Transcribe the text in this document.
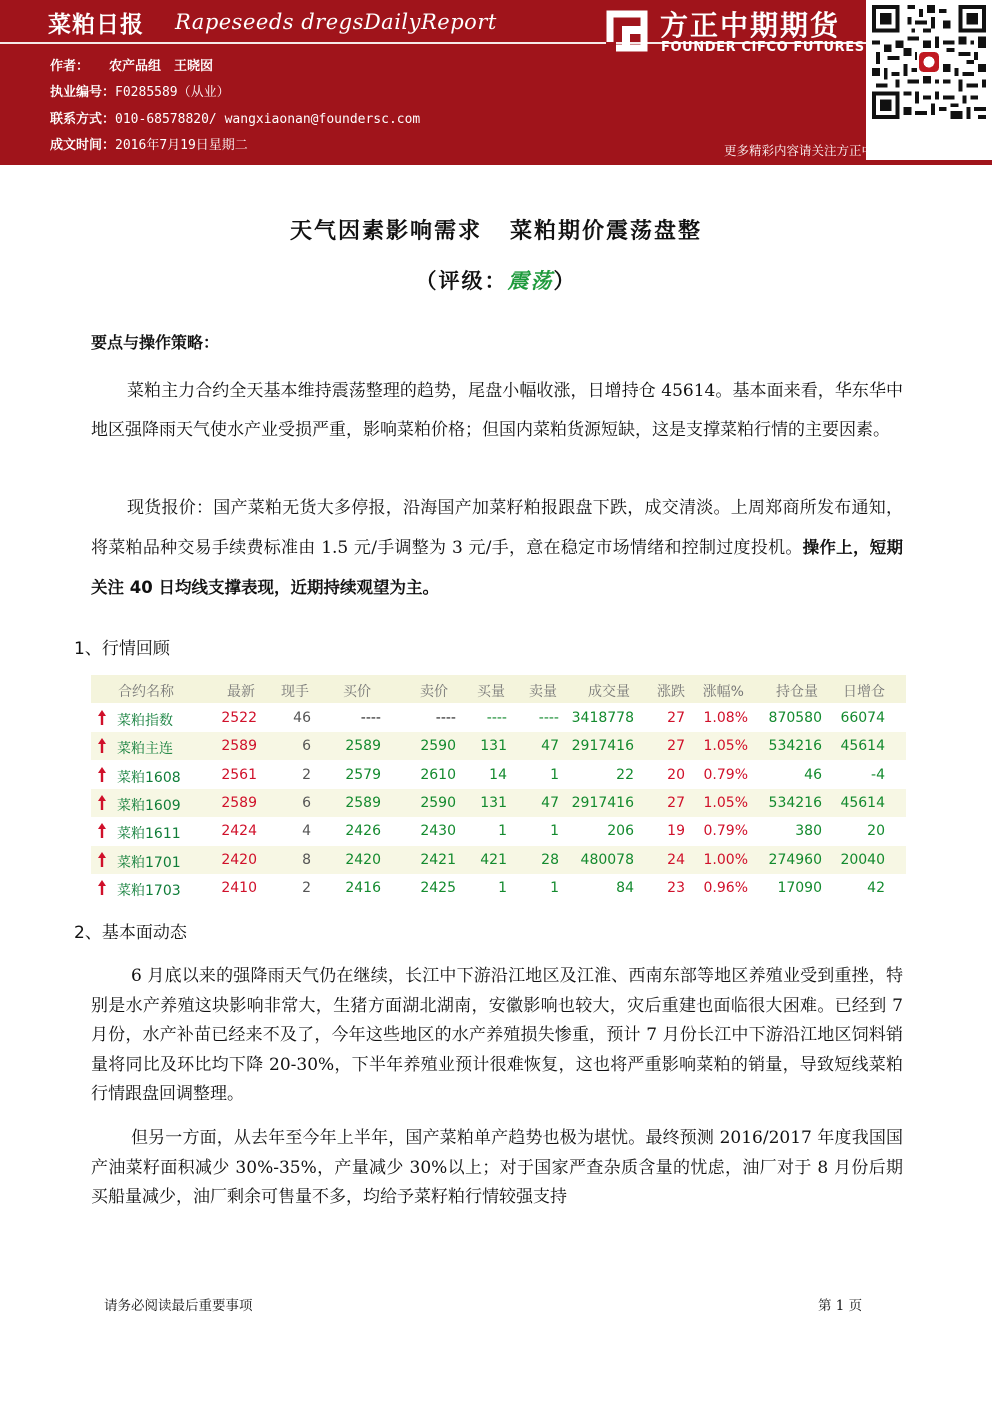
菜粕日报 Rapeseeds dregsDailyReport
作者： 农产品组　王晓囡
执业编号：F0285589（从业）
联系方式：010-68578820/ wangxiaonan@foundersc.com
成文时间：2016年7月19日星期二
方正中期期货
FOUNDER CIFCO FUTURES
更多精彩内容请关注方正中期官方微信
天气因素影响需求 菜粕期价震荡盘整
（评级：震荡）
要点与操作策略：
菜粕主力合约全天基本维持震荡整理的趋势，尾盘小幅收涨，日增持仓 45614。基本面来看，华东华中地区强降雨天气使水产业受损严重，影响菜粕价格；但国内菜粕货源短缺，这是支撑菜粕行情的主要因素。
现货报价：国产菜粕无货大多停报，沿海国产加菜籽粕报跟盘下跌，成交清淡。上周郑商所发布通知，将菜粕品种交易手续费标准由 1.5 元/手调整为 3 元/手，意在稳定市场情绪和控制过度投机。操作上，短期关注 40 日均线支撑表现，近期持续观望为主。
1、行情回顾
合约名称	最新	现手	买价	卖价	买量	卖量	成交量	涨跌	涨幅%	持仓量	日增仓
菜粕指数	2522	46	----	----	----	---- 3418778	27	1.08%	870580	66074
菜粕主连	2589	6	2589	2590	131	47 2917416	27	1.05%	534216	45614
菜粕1608	2561	2	2579	2610	14	1	22	20	0.79%	46	-4
菜粕1609	2589	6	2589	2590	131	47 2917416	27	1.05%	534216	45614
菜粕1611	2424	4	2426	2430	1	1	206	19	0.79%	380	20
菜粕1701	2420	8	2420	2421	421	28	480078	24	1.00%	274960	20040
菜粕1703	2410	2	2416	2425	1	1	84	23	0.96%	17090	42
2、基本面动态
6 月底以来的强降雨天气仍在继续，长江中下游沿江地区及江淮、西南东部等地区养殖业受到重挫，特别是水产养殖这块影响非常大，生猪方面湖北湖南，安徽影响也较大，灾后重建也面临很大困难。已经到 7 月份，水产补苗已经来不及了，今年这些地区的水产养殖损失惨重，预计 7 月份长江中下游沿江地区饲料销量将同比及环比均下降 20-30%，下半年养殖业预计很难恢复，这也将严重影响菜粕的销量，导致短线菜粕行情跟盘回调整理。
但另一方面，从去年至今年上半年，国产菜粕单产趋势也极为堪忧。最终预测 2016/2017 年度我国国产油菜籽面积减少 30%-35%，产量减少 30%以上；对于国家严查杂质含量的忧虑，油厂对于 8 月份后期买船量减少，油厂剩余可售量不多，均给予菜籽粕行情较强支持
请务必阅读最后重要事项	第 1 页
